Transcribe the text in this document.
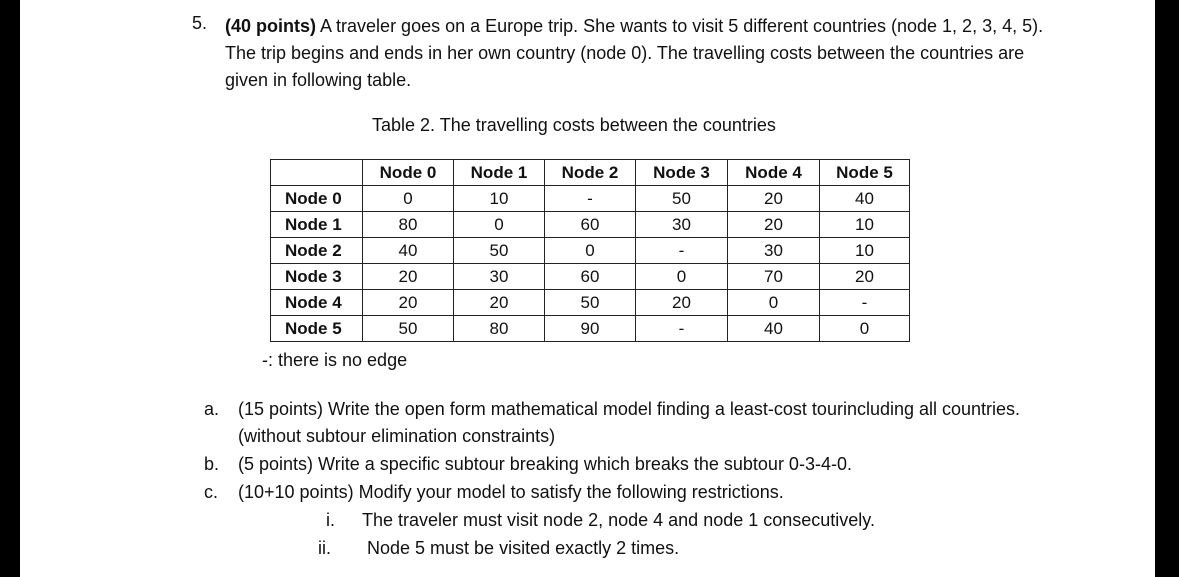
5. (40 points) A traveler goes on a Europe trip. She wants to visit 5 different countries (node 1, 2, 3, 4, 5). The trip begins and ends in her own country (node 0). The travelling costs between the countries are given in following table.
Table 2. The travelling costs between the countries
	Node 0	Node 1	Node 2	Node 3	Node 4	Node 5
Node 0	0	10	-	50	20	40
Node 1	80	0	60	30	20	10
Node 2	40	50	0	-	30	10
Node 3	20	30	60	0	70	20
Node 4	20	20	50	20	0	-
Node 5	50	80	90	-	40	0
-: there is no edge
a. (15 points) Write the open form mathematical model finding a least-cost tourincluding all countries. (without subtour elimination constraints)
b. (5 points) Write a specific subtour breaking which breaks the subtour 0-3-4-0.
c. (10+10 points) Modify your model to satisfy the following restrictions.
i. The traveler must visit node 2, node 4 and node 1 consecutively.
ii. Node 5 must be visited exactly 2 times.
